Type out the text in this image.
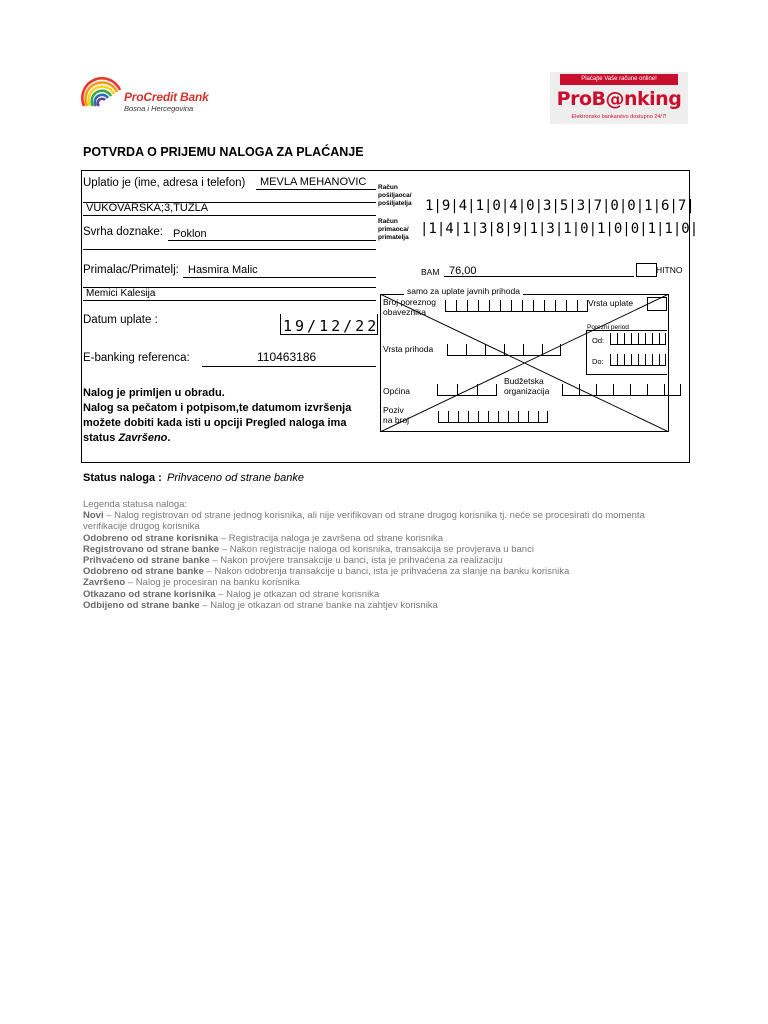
ProCredit Bank
Bosna i Hercegovina
Plaćajte Vaše račune online!
ProB@nking
Elektronsko bankarstvo dostupno 24/7!
POTVRDA O PRIJEMU NALOGA ZA PLAĆANJE
Uplatio je (ime, adresa i telefon) MEVLA MEHANOVIC
VUKOVARSKA;3,TUZLA
Račun
pošiljaoca/
pošiljatelja 1|9|4|1|0|4|0|3|5|3|7|0|0|1|6|7|
Svrha doznake: Poklon
Račun
primaoca/
primatelja
|1|4|1|3|8|9|1|3|1|0|1|0|0|1|1|0|
Primalac/Primatelj: Hasmira Malic
Memici Kalesija
BAM 76,00	HITNO
Datum uplate :	19/12/22
E-banking referenca:	110463186
samo za uplate javnih prihoda
Broj poreznog
obaveznika
Vrsta uplate
Porezni period
Od:
Do:
Vrsta prihoda
Budžetska
organizacija
Općina
Poziv
na broj
Nalog je primljen u obradu.
Nalog sa pečatom i potpisom,te datumom izvršenja
možete dobiti kada isti u opciji Pregled naloga ima
status Završeno.
Status naloga : Prihvaceno od strane banke
Legenda statusa naloga:
Novi – Nalog registrovan od strane jednog korisnika, ali nije verifikovan od strane drugog korisnika tj. neće se procesirati do momenta verifikacije drugog korisnika
Odobreno od strane korisnika – Registracija naloga je završena od strane korisnika
Registrovano od strane banke – Nakon registracije naloga od korisnika, transakcija se provjerava u banci
Prihvaćeno od strane banke – Nakon provjere transakcije u banci, ista je prihvaćena za realizaciju
Odobreno od strane banke – Nakon odobrenja transakcije u banci, ista je prihvaćena za slanje na banku korisnika
Završeno – Nalog je procesiran na banku korisnika
Otkazano od strane korisnika – Nalog je otkazan od strane korisnika
Odbijeno od strane banke – Nalog je otkazan od strane banke na zahtjev korisnika
